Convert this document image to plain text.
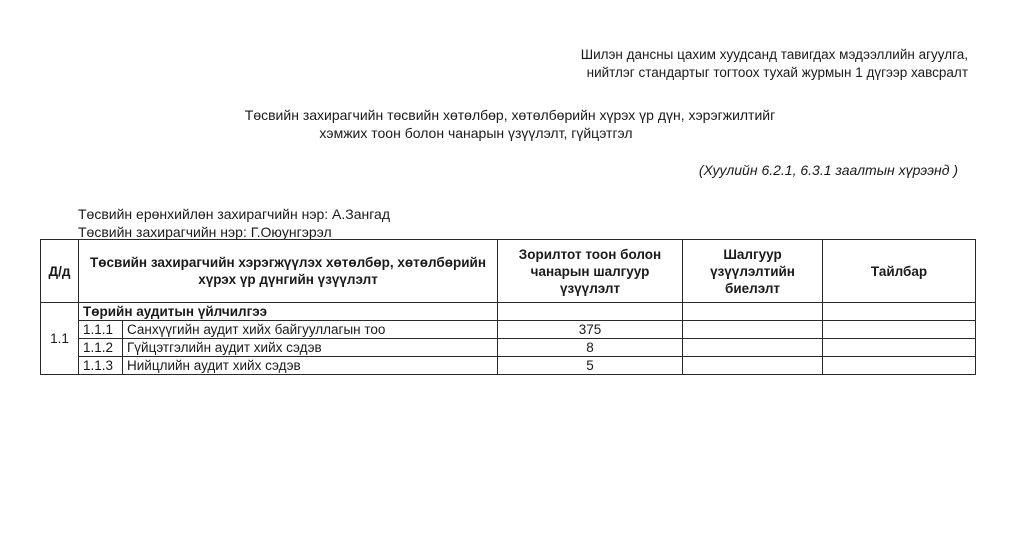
Шилэн дансны цахим хуудсанд тавигдах мэдээллийн агуулга,
нийтлэг стандартыг тогтоох тухай журмын 1 дүгээр хавсралт
Төсвийн захирагчийн төсвийн хөтөлбөр, хөтөлбөрийн хүрэх үр дүн, хэрэгжилтийг
хэмжих тоон болон чанарын үзүүлэлт, гүйцэтгэл
(Хуулийн 6.2.1, 6.3.1 заалтын хүрээнд )
Төсвийн ерөнхийлөн захирагчийн нэр: А.Зангад
Төсвийн захирагчийн нэр: Г.Оюунгэрэл
Д/д	Төсвийн захирагчийн хэрэгжүүлэх хөтөлбөр, хөтөлбөрийн хүрэх үр дүнгийн үзүүлэлт		Зорилтот тоон болон чанарын шалгуур үзүүлэлт	Шалгуур үзүүлэлтийн биелэлт	Тайлбар
1.1	Төрийн аудитын үйлчилгээ				
	1.1.1	Санхүүгийн аудит хийх байгууллагын тоо	375		
	1.1.2	Гүйцэтгэлийн аудит хийх сэдэв	8		
	1.1.3	Нийцлийн аудит хийх сэдэв	5		
